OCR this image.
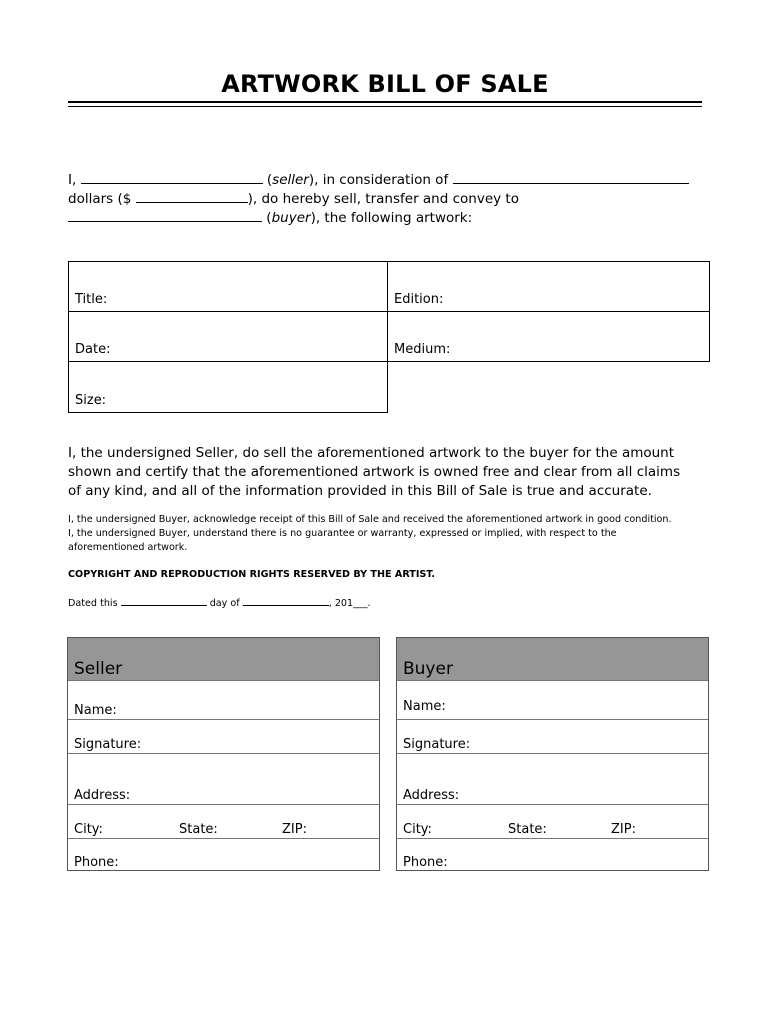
ARTWORK BILL OF SALE
I,	(seller), in consideration of
dollars ($	), do hereby sell, transfer and convey to
(buyer), the following artwork:
Title:	Edition:
Date:	Medium:
Size:	
I, the undersigned Seller, do sell the aforementioned artwork to the buyer for the amount
shown and certify that the aforementioned artwork is owned free and clear from all claims
of any kind, and all of the information provided in this Bill of Sale is true and accurate.
I, the undersigned Buyer, acknowledge receipt of this Bill of Sale and received the aforementioned artwork in good condition.
I, the undersigned Buyer, understand there is no guarantee or warranty, expressed or implied, with respect to the
aforementioned artwork.
COPYRIGHT AND REPRODUCTION RIGHTS RESERVED BY THE ARTIST.
Dated this	day of	, 201___.
Seller
Name:
Signature:
Address:
City:	State:	ZIP:
Phone:
Buyer
Name:
Signature:
Address:
City:	State:	ZIP:
Phone:
